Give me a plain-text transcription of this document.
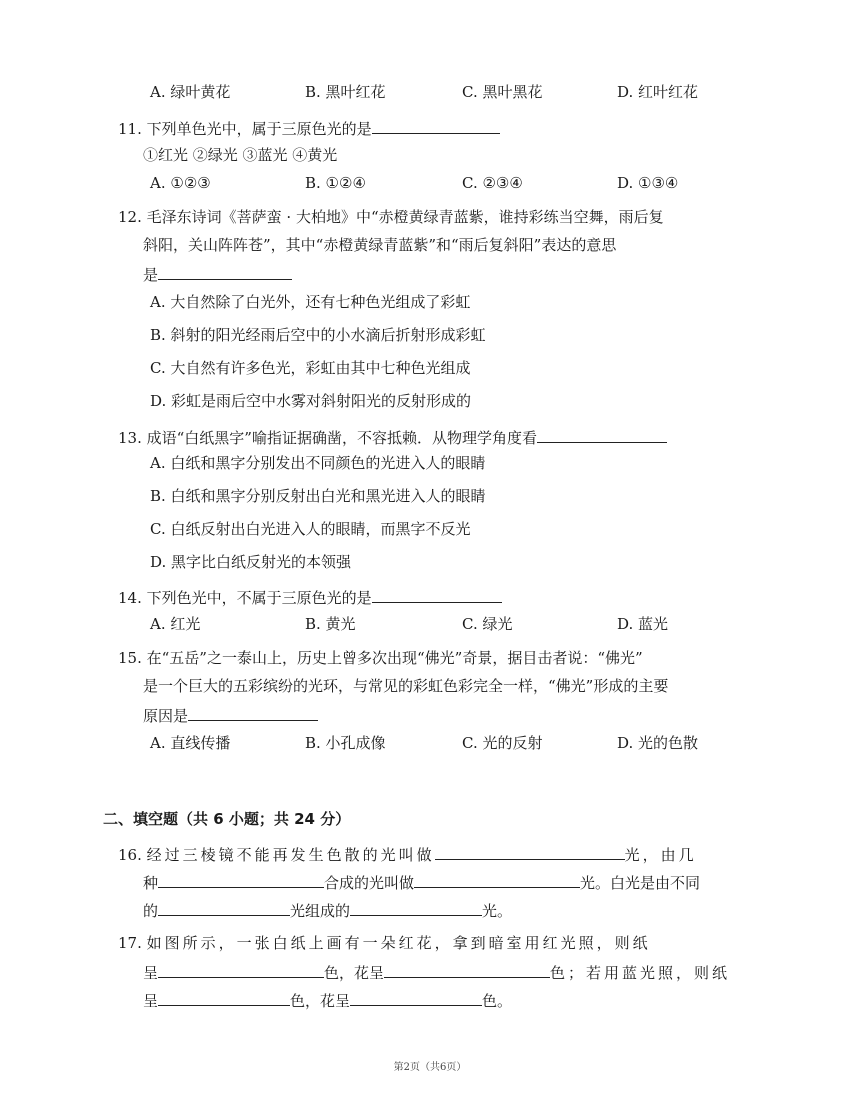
A. 绿叶黄花	B. 黑叶红花	C. 黑叶黑花	D. 红叶红花
11. 下列单色光中，属于三原色光的是
①红光 ②绿光 ③蓝光 ④黄光
A. ①②③	B. ①②④	C. ②③④	D. ①③④
12. 毛泽东诗词《菩萨蛮 · 大柏地》中“赤橙黄绿青蓝紫，谁持彩练当空舞，雨后复
斜阳，关山阵阵苍”，其中“赤橙黄绿青蓝紫”和“雨后复斜阳”表达的意思
是
A. 大自然除了白光外，还有七种色光组成了彩虹
B. 斜射的阳光经雨后空中的小水滴后折射形成彩虹
C. 大自然有许多色光，彩虹由其中七种色光组成
D. 彩虹是雨后空中水雾对斜射阳光的反射形成的
13. 成语“白纸黑字”喻指证据确凿，不容抵赖．从物理学角度看
A. 白纸和黑字分别发出不同颜色的光进入人的眼睛
B. 白纸和黑字分别反射出白光和黑光进入人的眼睛
C. 白纸反射出白光进入人的眼睛，而黑字不反光
D. 黑字比白纸反射光的本领强
14. 下列色光中，不属于三原色光的是
A. 红光	B. 黄光	C. 绿光	D. 蓝光
15. 在“五岳”之一泰山上，历史上曾多次出现“佛光”奇景，据目击者说：“佛光”
是一个巨大的五彩缤纷的光环，与常见的彩虹色彩完全一样，“佛光”形成的主要
原因是
A. 直线传播	B. 小孔成像	C. 光的反射	D. 光的色散
二、填空题（共 6 小题；共 24 分）
16. 经过三棱镜不能再发生色散的光叫做	光，由几
种	合成的光叫做	光。白光是由不同
的	光组成的	光。
17. 如图所示，一张白纸上画有一朵红花，拿到暗室用红光照，则纸
呈	色，花呈	色；若用蓝光照，则纸
呈	色，花呈	色。
第2页（共6页）
